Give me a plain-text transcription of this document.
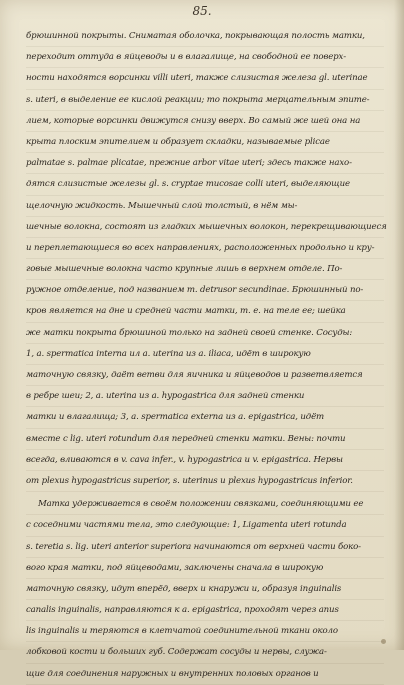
85.
брюшинной покрыты. Сниматая оболочка, покрывающая полость матки,
переходит оттуда в яйцеводы и в влагалище, на свободной ее поверх-
ности находятся ворсинки villi uteri, также слизистая железа gl. uterinae
s. uteri, в выделение ее кислой реакции; то покрыта мерцательным эпите-
лием, которые ворсинки движутся снизу вверх. Во самый же шей она на
крыта плоским эпителием и образует складки, называемые plicae
palmatae s. palmae plicatae, прежние arbor vitae uteri; здесь также нахо-
дятся слизистые железы gl. s. cryptae mucosae colli uteri, выделяющие
щелочную жидкость. Мышечный слой толстый, в нём мы-
шечные волокна, состоят из гладких мышечных волокон, перекрещивающиеся
и переплетающиеся во всех направлениях, расположенных продольно и кру-
говые мышечные волокна часто крупные лишь в верхнем отделе. По-
ружное отделение, под названием m. detrusor secundinae. Брюшинный по-
кров является на дне и средней части матки, т. е. на теле ее; шейка
же матки покрыта брюшиной только на задней своей стенке. Сосуды:
1, a. spermatica interna ил a. uterina из a. iliaca, идёт в широкую
маточную связку, даёт ветви для яичника и яйцеводов и разветвляется
в ребре шеи; 2, a. uterina из a. hypogastrica для задней стенки
матки и влагалища; 3, a. spermatica externa из a. epigastrica, идёт
вместе с lig. uteri rotundum для передней стенки матки. Вены: почти
всегда, вливаются в v. cava infer., v. hypogastrica и v. epigastrica. Нервы
от plexus hypogastricus superior, s. uterinus и plexus hypogastricus inferior.
Матка удерживается в своём положении связками, соединяющими ее
с соседними частями тела, это следующие: 1, Ligamenta uteri rotunda
s. teretia s. lig. uteri anterior superiora начинаются от верхней части боко-
вого края матки, под яйцеводами, заключены сначала в широкую
маточную связку, идут вперёд, вверх и кнаружи и, образуя inguinalis
canalis inguinalis, направляются к a. epigastrica, проходят через anus
lis inguinalis и теряются в клетчатой соединительной ткани около
лобковой кости и больших губ. Содержат сосуды и нервы, служа-
щие для соединения наружных и внутренних половых органов и
